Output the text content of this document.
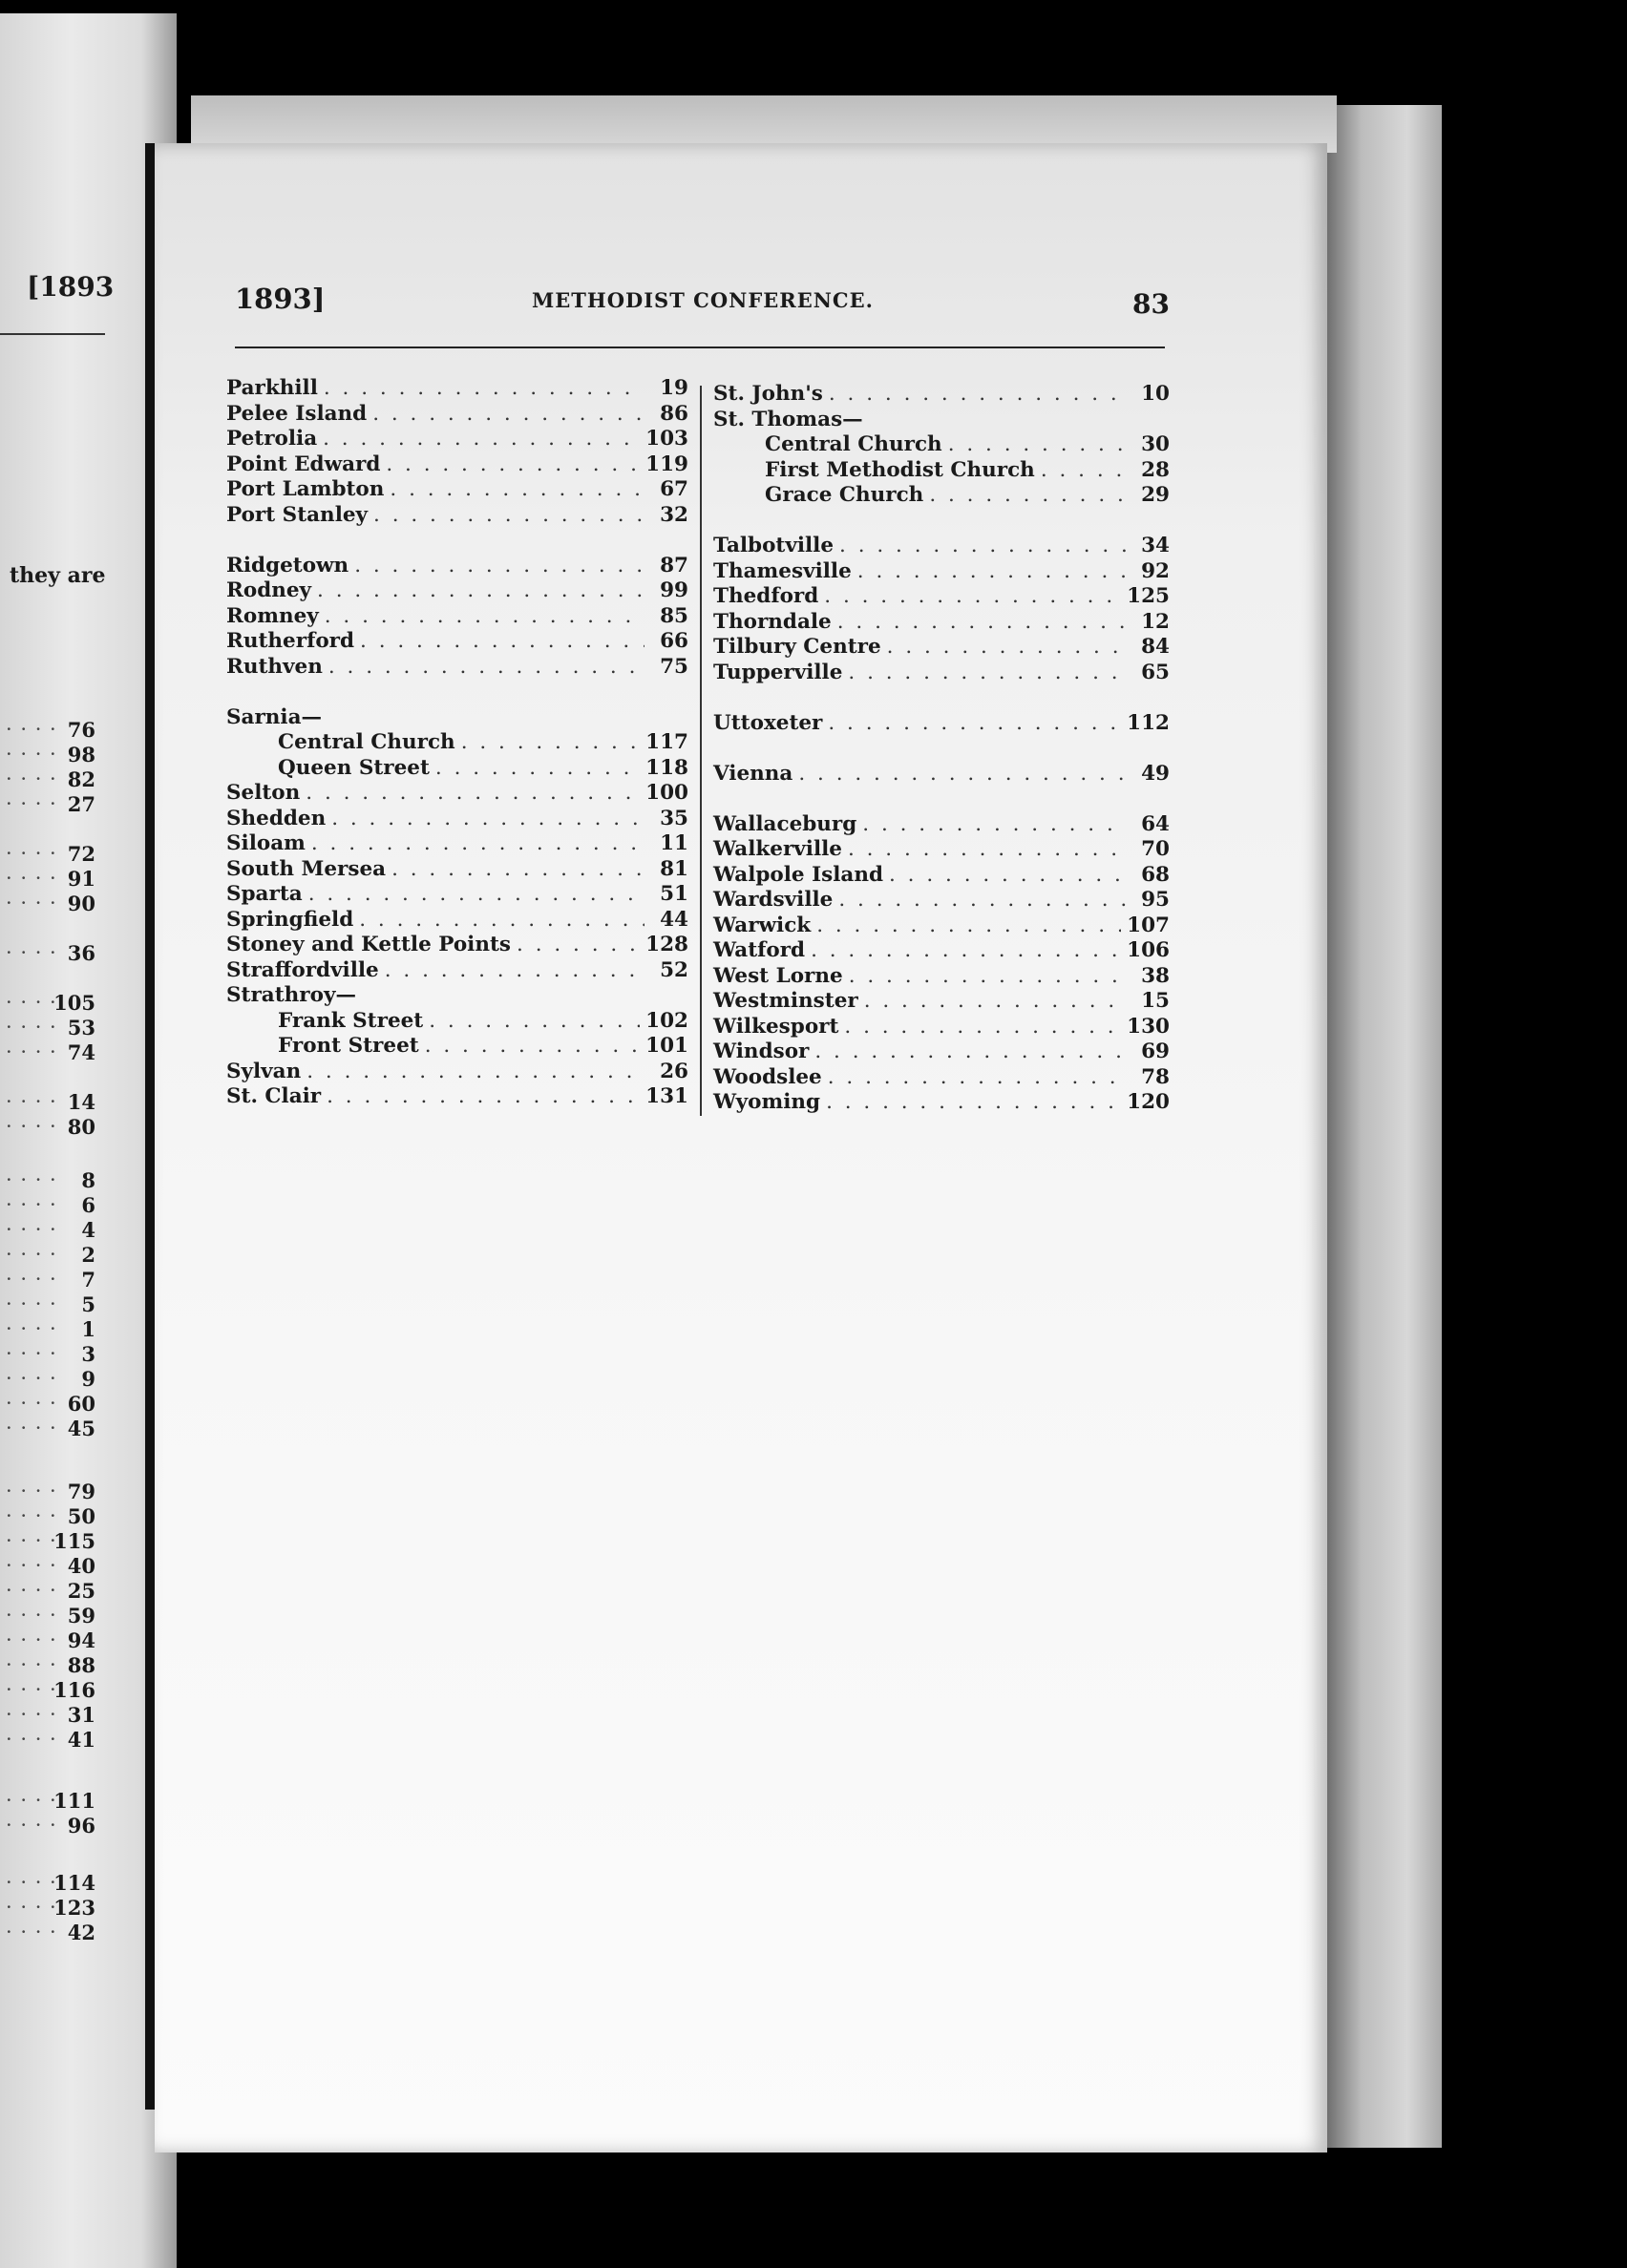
[1893
they are
· · · · 76
· · · · 98
· · · · 82
· · · · 27
· · · · 72
· · · · 91
· · · · 90
· · · · 36
· · · · 105
· · · · 53
· · · · 74
· · · · 14
· · · · 80
· · · · 8
· · · · 6
· · · · 4
· · · · 2
· · · · 7
· · · · 5
· · · · 1
· · · · 3
· · · · 9
· · · · 60
· · · · 45
· · · · 79
· · · · 50
· · · · 115
· · · · 40
· · · · 25
· · · · 59
· · · · 94
· · · · 88
· · · · 116
· · · · 31
· · · · 41
· · · · 111
· · · · 96
· · · · 114
· · · · 123
· · · · 42
1893]	METHODIST CONFERENCE.	83
Parkhill . . .	19
Pelee Island . . .	86
Petrolia . . .	103
Point Edward . . .	119
Port Lambton . . .	67
Port Stanley . . .	32
Ridgetown . . .	87
Rodney . . .	99
Romney . . .	85
Rutherford . . .	66
Ruthven . . .	75
Sarnia—
Central Church . . .	117
Queen Street . . .	118
Selton . . .	100
Shedden . . .	35
Siloam . . .	11
South Mersea . . .	81
Sparta . . .	51
Springfield . . .	44
Stoney and Kettle Points . . .	128
Straffordville . . .	52
Strathroy—
Frank Street . . .	102
Front Street . . .	101
Sylvan . . .	26
St. Clair . . .	131
St. John's . . .	10
St. Thomas—
Central Church . . .	30
First Methodist Church . . .	28
Grace Church . . .	29
Talbotville . . .	34
Thamesville . . .	92
Thedford . . .	125
Thorndale . . .	12
Tilbury Centre . . .	84
Tupperville . . .	65
Uttoxeter . . .	112
Vienna . . .	49
Wallaceburg . . .	64
Walkerville . . .	70
Walpole Island . . .	68
Wardsville . . .	95
Warwick . . .	107
Watford . . .	106
West Lorne . . .	38
Westminster . . .	15
Wilkesport . . .	130
Windsor . . .	69
Woodslee . . .	78
Wyoming . . .	120
